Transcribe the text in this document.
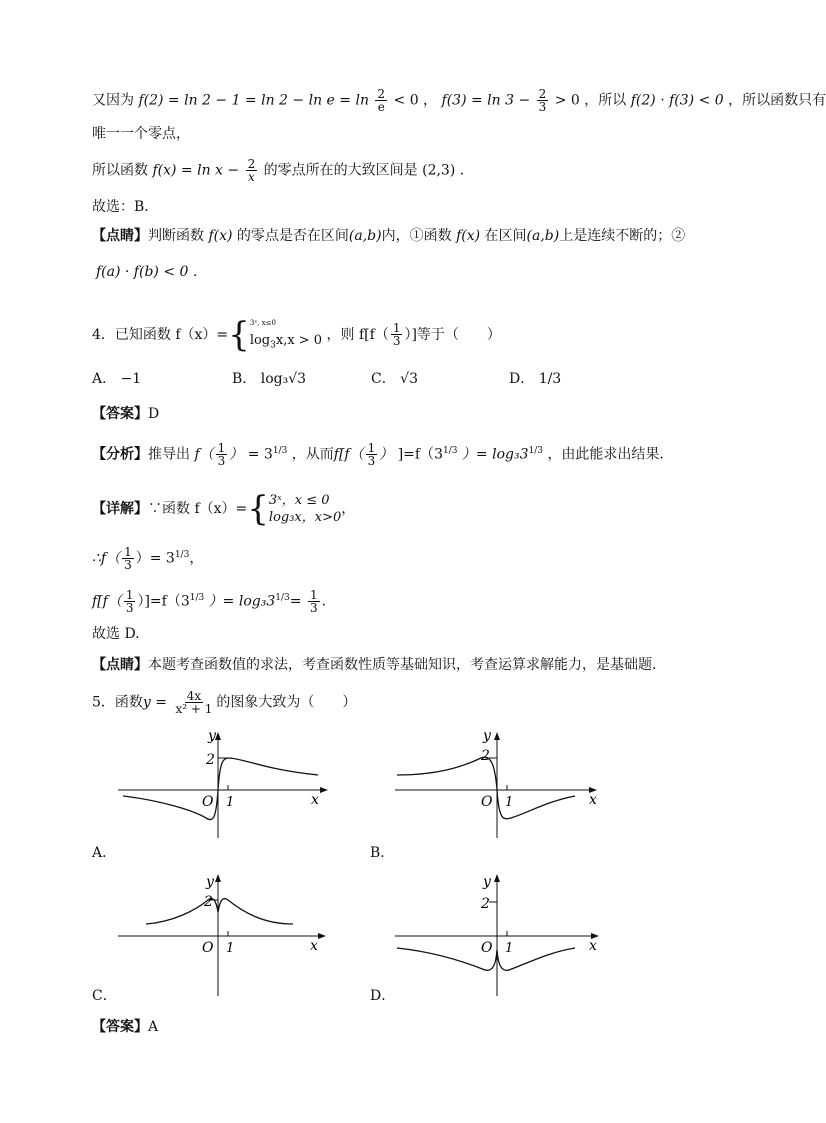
又因为 $f(2) = \ln 2 - 1 = \ln 2 - \ln e = \ln \frac{2}{e} < 0$ ， $f(3) = \ln 3 - \frac{2}{3} > 0$ ，所以 f(2) · f(3) < 0 ，所以函数只有
唯一一个零点，
所以函数 $f(x) = \ln x - \frac{2}{x}$ 的零点所在的大致区间是 (2,3) ．
故选：B.
【点睛】判断函数 f(x) 的零点是否在区间(a,b)内，①函数 f(x) 在区间(a,b)上是连续不断的；②
f(a) · f(b) < 0 ．
4．已知函数 f（x）={ 3ˣ, x≤0
$\log_3x,x > 0$ ，则 $f[f( \frac{1}{3}$ ）]等于（　　）
A． −1	B． log₃√3	C． √3	D． 1/3
【答案】D
【分析】推导出 $f( \frac{1}{3}$ ） = $3^{1/3}$ ，从而$f[f( \frac{1}{3}$ ） ]$=f(3^{1/3}$ ）= $\log_33^{1/3}$ ，由此能求出结果．
【详解】∵函数 f（x）={ 3ˣ，x ≤ 0
log₃x，x>0
，
∴f（ $\frac{1}{3}$ ）= $3^{1/3}$，
$f[f( \frac{1}{3} )]=f(3^{1/3}$ ）= $\log_33^{1/3}= \frac{1}{3}$ ．
故选 D.
【点睛】本题考查函数值的求法，考查函数性质等基础知识，考查运算求解能力，是基础题．
5．函数$y = \frac{4x}{\text{x² + 1}}$ 的图象大致为（　　）
y
2
O 1	x
A．
y
2
O 1	x
B．
y
2
O 1	x
C．
y
2
O 1	x
D．
【答案】A
